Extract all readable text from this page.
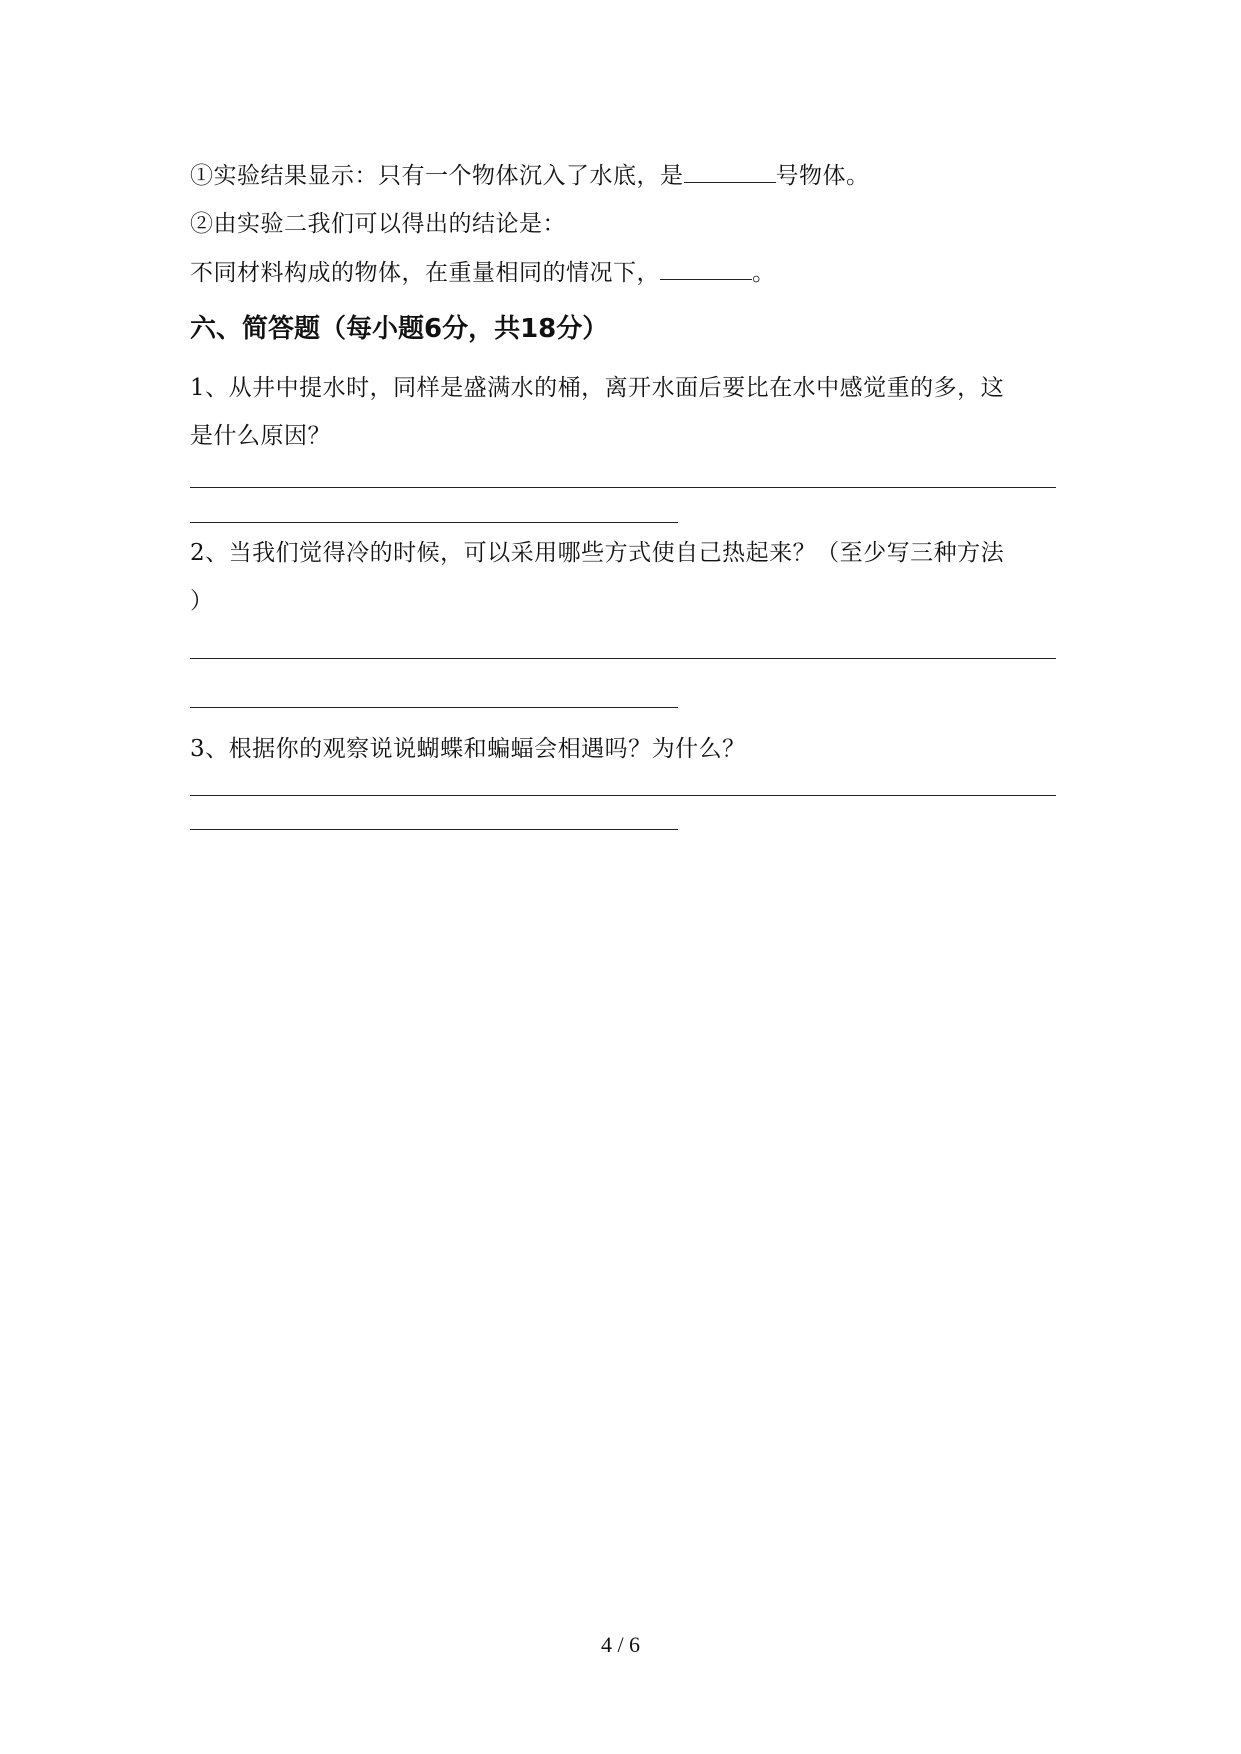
①实验结果显示：只有一个物体沉入了水底，是	号物体。
②由实验二我们可以得出的结论是：
不同材料构成的物体，在重量相同的情况下，	。
六、简答题（每小题6分，共18分）
1、从井中提水时，同样是盛满水的桶，离开水面后要比在水中感觉重的多，这
是什么原因？
2、当我们觉得冷的时候，可以采用哪些方式使自己热起来？（至少写三种方法
）
3、根据你的观察说说蝴蝶和蝙蝠会相遇吗？为什么？
4 / 6
